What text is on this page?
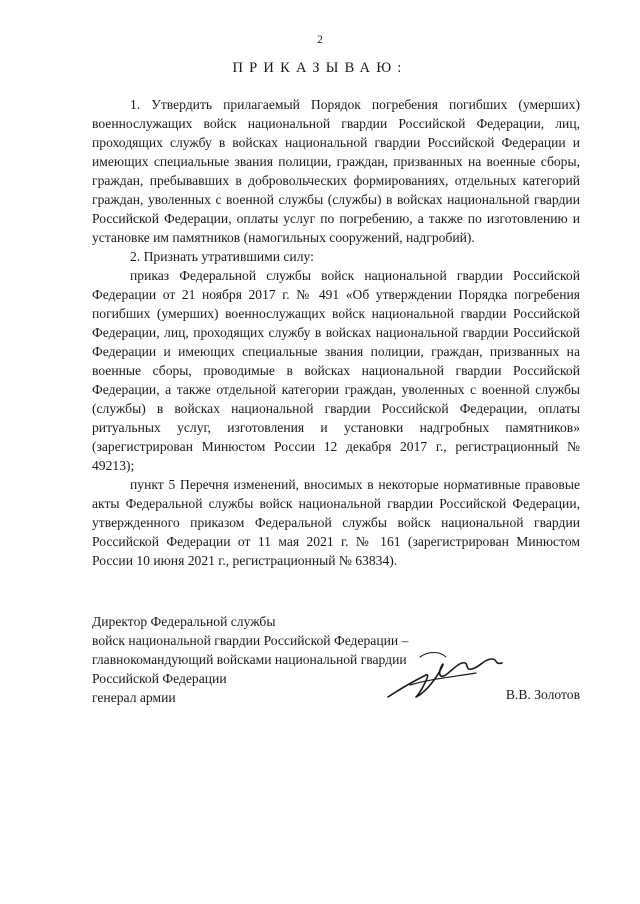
2
ПРИКАЗЫВАЮ:

1. Утвердить прилагаемый Порядок погребения погибших (умерших) военнослужащих войск национальной гвардии Российской Федерации, лиц, проходящих службу в войсках национальной гвардии Российской Федерации и имеющих специальные звания полиции, граждан, призванных на военные сборы, граждан, пребывавших в добровольческих формированиях, отдельных категорий граждан, уволенных с военной службы (службы) в войсках национальной гвардии Российской Федерации, оплаты услуг по погребению, а также по изготовлению и установке им памятников (намогильных сооружений, надгробий).

2. Признать утратившими силу:

приказ Федеральной службы войск национальной гвардии Российской Федерации от 21 ноября 2017 г. № 491 «Об утверждении Порядка погребения погибших (умерших) военнослужащих войск национальной гвардии Российской Федерации, лиц, проходящих службу в войсках национальной гвардии Российской Федерации и имеющих специальные звания полиции, граждан, призванных на военные сборы, проводимые в войсках национальной гвардии Российской Федерации, а также отдельной категории граждан, уволенных с военной службы (службы) в войсках национальной гвардии Российской Федерации, оплаты ритуальных услуг, изготовления и установки надгробных памятников» (зарегистрирован Минюстом России 12 декабря 2017 г., регистрационный № 49213);

пункт 5 Перечня изменений, вносимых в некоторые нормативные правовые акты Федеральной службы войск национальной гвардии Российской Федерации, утвержденного приказом Федеральной службы войск национальной гвардии Российской Федерации от 11 мая 2021 г. № 161 (зарегистрирован Минюстом России 10 июня 2021 г., регистрационный № 63834).

Директор Федеральной службы
войск национальной гвардии Российской Федерации –
главнокомандующий войсками национальной гвардии
Российской Федерации
генерал армии	В.В. Золотов
